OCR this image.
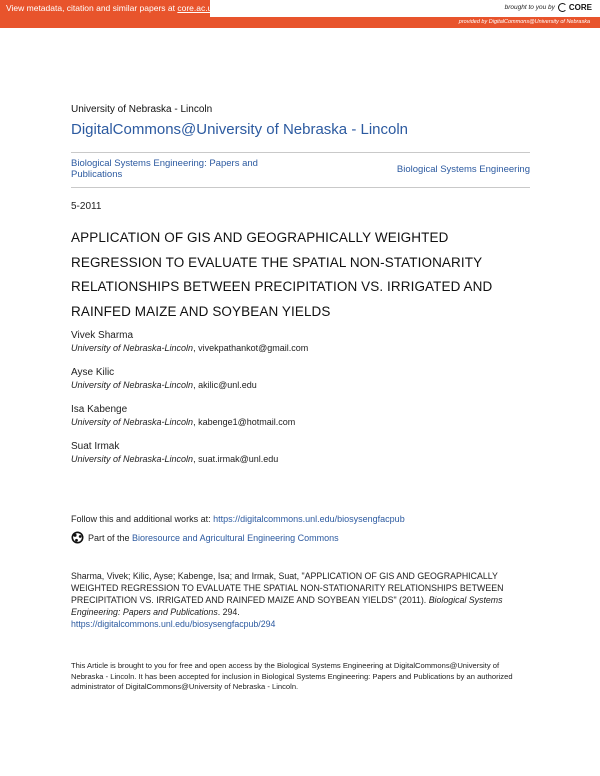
View metadata, citation and similar papers at core.ac.uk	brought to you by CORE
provided by DigitalCommons@University of Nebraska
University of Nebraska - Lincoln
DigitalCommons@University of Nebraska - Lincoln
Biological Systems Engineering: Papers and Publications	Biological Systems Engineering
5-2011
APPLICATION OF GIS AND GEOGRAPHICALLY WEIGHTED REGRESSION TO EVALUATE THE SPATIAL NON-STATIONARITY RELATIONSHIPS BETWEEN PRECIPITATION VS. IRRIGATED AND RAINFED MAIZE AND SOYBEAN YIELDS
Vivek Sharma
University of Nebraska-Lincoln, vivekpathankot@gmail.com
Ayse Kilic
University of Nebraska-Lincoln, akilic@unl.edu
Isa Kabenge
University of Nebraska-Lincoln, kabenge1@hotmail.com
Suat Irmak
University of Nebraska-Lincoln, suat.irmak@unl.edu
Follow this and additional works at: https://digitalcommons.unl.edu/biosysengfacpub
Part of the Bioresource and Agricultural Engineering Commons
Sharma, Vivek; Kilic, Ayse; Kabenge, Isa; and Irmak, Suat, "APPLICATION OF GIS AND GEOGRAPHICALLY WEIGHTED REGRESSION TO EVALUATE THE SPATIAL NON-STATIONARITY RELATIONSHIPS BETWEEN PRECIPITATION VS. IRRIGATED AND RAINFED MAIZE AND SOYBEAN YIELDS" (2011). Biological Systems Engineering: Papers and Publications. 294.
https://digitalcommons.unl.edu/biosysengfacpub/294
This Article is brought to you for free and open access by the Biological Systems Engineering at DigitalCommons@University of Nebraska - Lincoln. It has been accepted for inclusion in Biological Systems Engineering: Papers and Publications by an authorized administrator of DigitalCommons@University of Nebraska - Lincoln.
